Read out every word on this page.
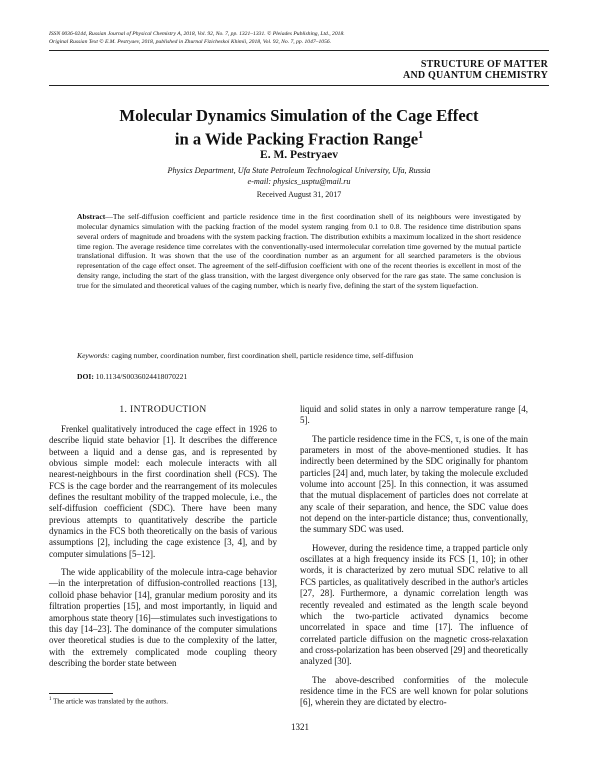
ISSN 0036-0244, Russian Journal of Physical Chemistry A, 2018, Vol. 92, No. 7, pp. 1321–1331. © Pleiades Publishing, Ltd., 2018.
Original Russian Text © E.M. Pestryaev, 2018, published in Zhurnal Fizicheskoi Khimii, 2018, Vol. 92, No. 7, pp. 1047–1056.
STRUCTURE OF MATTER
AND QUANTUM CHEMISTRY
Molecular Dynamics Simulation of the Cage Effect
in a Wide Packing Fraction Range$^1$
E. M. Pestryaev
Physics Department, Ufa State Petroleum Technological University, Ufa, Russia
e-mail: physics_usptu@mail.ru
Received August 31, 2017
Abstract—The self-diffusion coefficient and particle residence time in the first coordination shell of its neighbours were investigated by molecular dynamics simulation with the packing fraction of the model system ranging from 0.1 to 0.8. The residence time distribution spans several orders of magnitude and broadens with the system packing fraction. The distribution exhibits a maximum localized in the short residence time region. The average residence time correlates with the conventionally-used intermolecular correlation time governed by the mutual particle translational diffusion. It was shown that the use of the coordination number as an argument for all searched parameters is the obvious representation of the cage effect onset. The agreement of the self-diffusion coefficient with one of the recent theories is excellent in most of the density range, including the start of the glass transition, with the largest divergence only observed for the rare gas state. The same conclusion is true for the simulated and theoretical values of the caging number, which is nearly five, defining the start of the system liquefaction.
Keywords: caging number, coordination number, first coordination shell, particle residence time, self-diffusion
DOI: 10.1134/S0036024418070221
1. INTRODUCTION

Frenkel qualitatively introduced the cage effect in 1926 to describe liquid state behavior [1]. It describes the difference between a liquid and a dense gas, and is represented by obvious simple model: each molecule interacts with all nearest-neighbours in the first coordination shell (FCS). The FCS is the cage border and the rearrangement of its molecules defines the resultant mobility of the trapped molecule, i.e., the self-diffusion coefficient (SDC). There have been many previous attempts to quantitatively describe the particle dynamics in the FCS both theoretically on the basis of various assumptions [2], including the cage existence [3, 4], and by computer simulations [5–12].

The wide applicability of the molecule intra-cage behavior—in the interpretation of diffusion-controlled reactions [13], colloid phase behavior [14], granular medium porosity and its filtration properties [15], and most importantly, in liquid and amorphous state theory [16]—stimulates such investigations to this day [14–23]. The dominance of the computer simulations over theoretical studies is due to the complexity of the latter, with the extremely complicated mode coupling theory describing the border state between

liquid and solid states in only a narrow temperature range [4, 5].

The particle residence time in the FCS, τ, is one of the main parameters in most of the above-mentioned studies. It has indirectly been determined by the SDC originally for phantom particles [24] and, much later, by taking the molecule excluded volume into account [25]. In this connection, it was assumed that the mutual displacement of particles does not correlate at any scale of their separation, and hence, the SDC value does not depend on the inter-particle distance; thus, conventionally, the summary SDC was used.

However, during the residence time, a trapped particle only oscillates at a high frequency inside its FCS [1, 10]; in other words, it is characterized by zero mutual SDC relative to all FCS particles, as qualitatively described in the author's articles [27, 28]. Furthermore, a dynamic correlation length was recently revealed and estimated as the length scale beyond which the two-particle activated dynamics become uncorrelated in space and time [17]. The influence of correlated particle diffusion on the magnetic cross-relaxation and cross-polarization has been observed [29] and theoretically analyzed [30].

The above-described conformities of the molecule residence time in the FCS are well known for polar solutions [6], wherein they are dictated by electro-

$^1$ The article was translated by the authors.
1321
